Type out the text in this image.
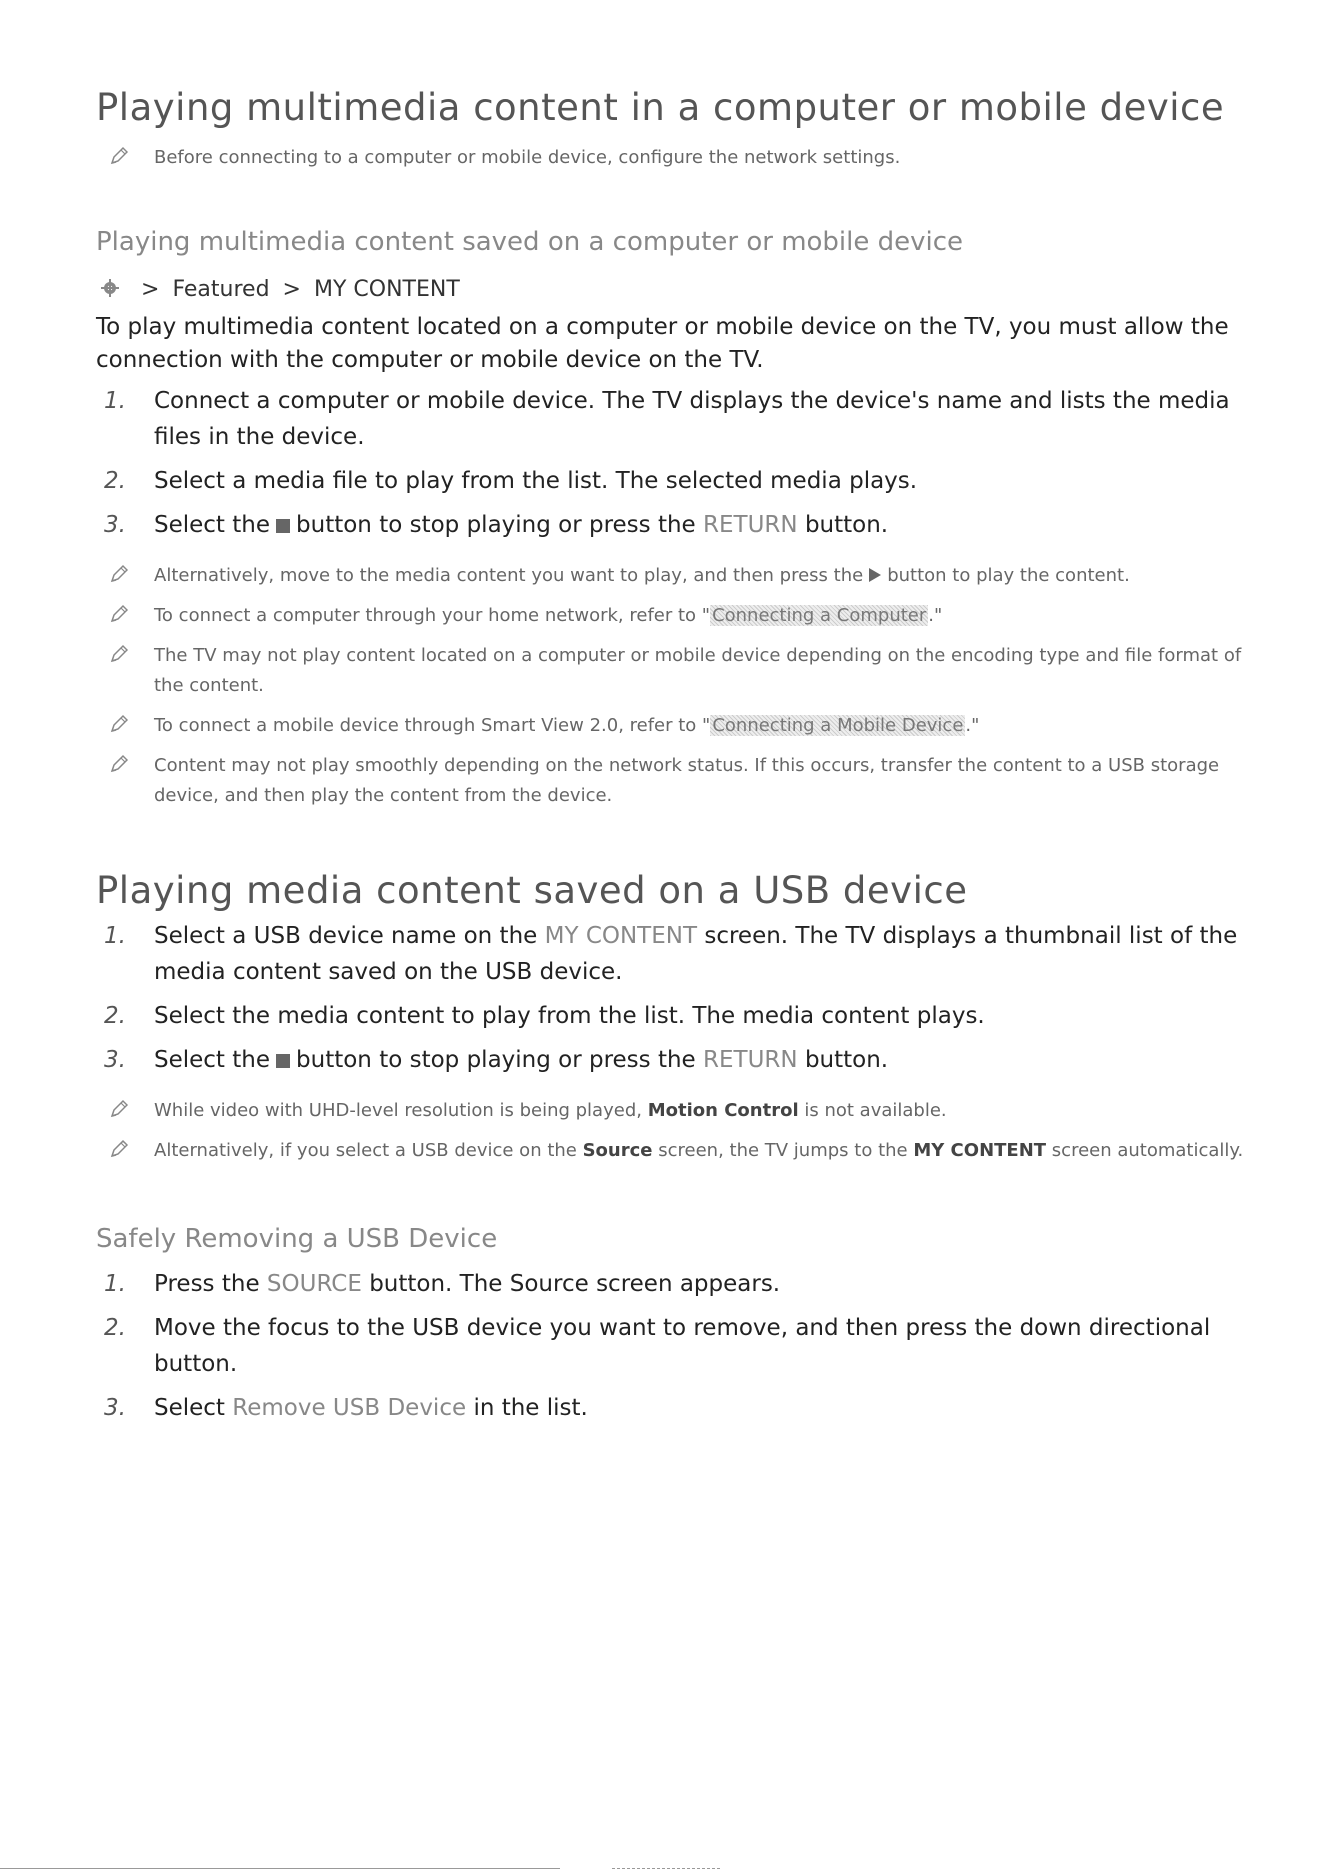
Playing multimedia content in a computer or mobile device
Before connecting to a computer or mobile device, configure the network settings.
Playing multimedia content saved on a computer or mobile device
> Featured > MY CONTENT
To play multimedia content located on a computer or mobile device on the TV, you must allow the connection with the computer or mobile device on the TV.
1. Connect a computer or mobile device. The TV displays the device's name and lists the media files in the device.
2. Select a media file to play from the list. The selected media plays.
3. Select the button to stop playing or press the RETURN button.
Alternatively, move to the media content you want to play, and then press the button to play the content.
To connect a computer through your home network, refer to " Connecting a Computer ."
The TV may not play content located on a computer or mobile device depending on the encoding type and file format of the content.
To connect a mobile device through Smart View 2.0, refer to " Connecting a Mobile Device ."
Content may not play smoothly depending on the network status. If this occurs, transfer the content to a USB storage device, and then play the content from the device.
Playing media content saved on a USB device
1. Select a USB device name on the MY CONTENT screen. The TV displays a thumbnail list of the media content saved on the USB device.
2. Select the media content to play from the list. The media content plays.
3. Select the button to stop playing or press the RETURN button.
While video with UHD-level resolution is being played, Motion Control is not available.
Alternatively, if you select a USB device on the Source screen, the TV jumps to the MY CONTENT screen automatically.
Safely Removing a USB Device
1. Press the SOURCE button. The Source screen appears.
2. Move the focus to the USB device you want to remove, and then press the down directional button.
3. Select Remove USB Device in the list.
